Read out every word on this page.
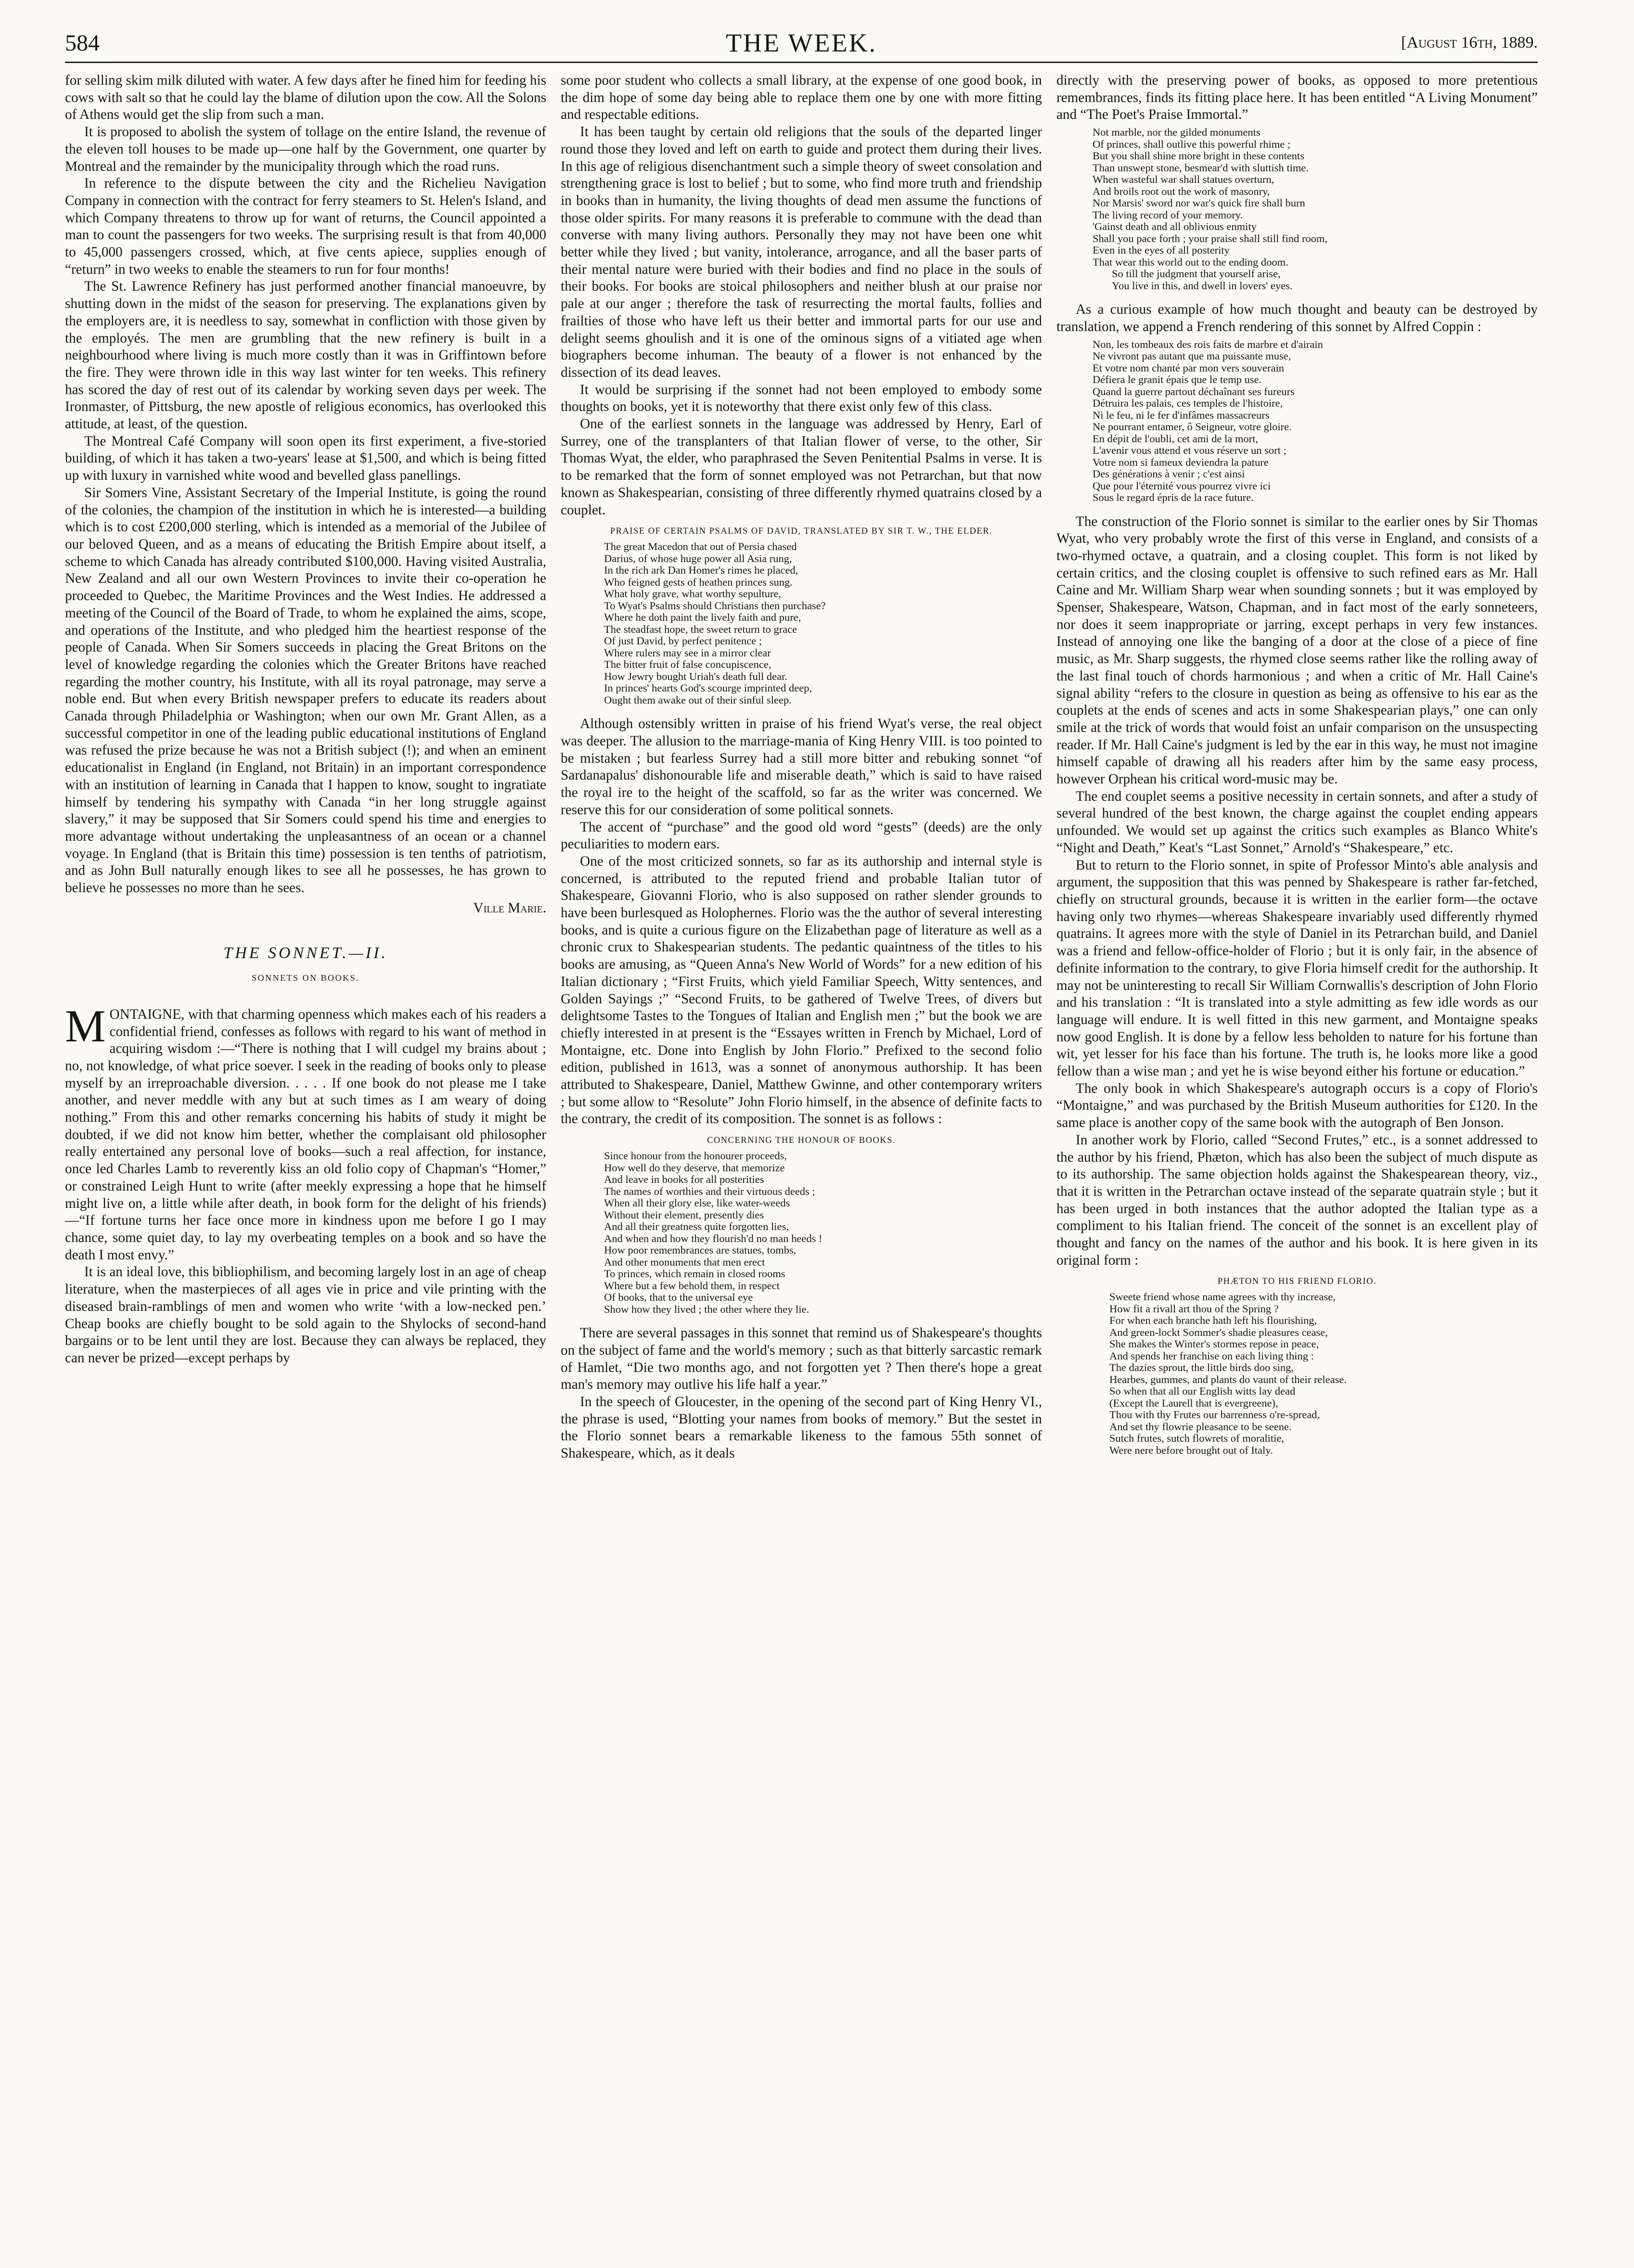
584	THE WEEK.	[August 16th, 1889.

for selling skim milk diluted with water. A few days after he fined him for feeding his cows with salt so that he could lay the blame of dilution upon the cow. All the Solons of Athens would get the slip from such a man.

It is proposed to abolish the system of tollage on the entire Island, the revenue of the eleven toll houses to be made up—one half by the Government, one quarter by Montreal and the remainder by the municipality through which the road runs.

In reference to the dispute between the city and the Richelieu Navigation Company in connection with the contract for ferry steamers to St. Helen's Island, and which Company threatens to throw up for want of returns, the Council appointed a man to count the passengers for two weeks. The surprising result is that from 40,000 to 45,000 passengers crossed, which, at five cents apiece, supplies enough of “return” in two weeks to enable the steamers to run for four months!

The St. Lawrence Refinery has just performed another financial manoeuvre, by shutting down in the midst of the season for preserving. The explanations given by the employers are, it is needless to say, somewhat in confliction with those given by the employés. The men are grumbling that the new refinery is built in a neighbourhood where living is much more costly than it was in Griffintown before the fire. They were thrown idle in this way last winter for ten weeks. This refinery has scored the day of rest out of its calendar by working seven days per week. The Ironmaster, of Pittsburg, the new apostle of religious economics, has overlooked this attitude, at least, of the question.

The Montreal Café Company will soon open its first experiment, a five-storied building, of which it has taken a two-years' lease at $1,500, and which is being fitted up with luxury in varnished white wood and bevelled glass panellings.

Sir Somers Vine, Assistant Secretary of the Imperial Institute, is going the round of the colonies, the champion of the institution in which he is interested—a building which is to cost £200,000 sterling, which is intended as a memorial of the Jubilee of our beloved Queen, and as a means of educating the British Empire about itself, a scheme to which Canada has already contributed $100,000. Having visited Australia, New Zealand and all our own Western Provinces to invite their co-operation he proceeded to Quebec, the Maritime Provinces and the West Indies. He addressed a meeting of the Council of the Board of Trade, to whom he explained the aims, scope, and operations of the Institute, and who pledged him the heartiest response of the people of Canada. When Sir Somers succeeds in placing the Great Britons on the level of knowledge regarding the colonies which the Greater Britons have reached regarding the mother country, his Institute, with all its royal patronage, may serve a noble end. But when every British newspaper prefers to educate its readers about Canada through Philadelphia or Washington; when our own Mr. Grant Allen, as a successful competitor in one of the leading public educational institutions of England was refused the prize because he was not a British subject (!); and when an eminent educationalist in England (in England, not Britain) in an important correspondence with an institution of learning in Canada that I happen to know, sought to ingratiate himself by tendering his sympathy with Canada “in her long struggle against slavery,” it may be supposed that Sir Somers could spend his time and energies to more advantage without undertaking the unpleasantness of an ocean or a channel voyage. In England (that is Britain this time) possession is ten tenths of patriotism, and as John Bull naturally enough likes to see all he possesses, he has grown to believe he possesses no more than he sees.

Ville Marie.

THE SONNET.—II.
SONNETS ON BOOKS.

MONTAIGNE, with that charming openness which makes each of his readers a confidential friend, confesses as follows with regard to his want of method in acquiring wisdom :—“There is nothing that I will cudgel my brains about ; no, not knowledge, of what price soever. I seek in the reading of books only to please myself by an irreproachable diversion. . . . . If one book do not please me I take another, and never meddle with any but at such times as I am weary of doing nothing.” From this and other remarks concerning his habits of study it might be doubted, if we did not know him better, whether the complaisant old philosopher really entertained any personal love of books—such a real affection, for instance, once led Charles Lamb to reverently kiss an old folio copy of Chapman's “Homer,” or constrained Leigh Hunt to write (after meekly expressing a hope that he himself might live on, a little while after death, in book form for the delight of his friends)—“If fortune turns her face once more in kindness upon me before I go I may chance, some quiet day, to lay my overbeating temples on a book and so have the death I most envy.”

It is an ideal love, this bibliophilism, and becoming largely lost in an age of cheap literature, when the masterpieces of all ages vie in price and vile printing with the diseased brain-ramblings of men and women who write ‘with a low-necked pen.’ Cheap books are chiefly bought to be sold again to the Shylocks of second-hand bargains or to be lent until they are lost. Because they can always be replaced, they can never be prized—except perhaps by

some poor student who collects a small library, at the expense of one good book, in the dim hope of some day being able to replace them one by one with more fitting and respectable editions.

It has been taught by certain old religions that the souls of the departed linger round those they loved and left on earth to guide and protect them during their lives. In this age of religious disenchantment such a simple theory of sweet consolation and strengthening grace is lost to belief ; but to some, who find more truth and friendship in books than in humanity, the living thoughts of dead men assume the functions of those older spirits. For many reasons it is preferable to commune with the dead than converse with many living authors. Personally they may not have been one whit better while they lived ; but vanity, intolerance, arrogance, and all the baser parts of their mental nature were buried with their bodies and find no place in the souls of their books. For books are stoical philosophers and neither blush at our praise nor pale at our anger ; therefore the task of resurrecting the mortal faults, follies and frailties of those who have left us their better and immortal parts for our use and delight seems ghoulish and it is one of the ominous signs of a vitiated age when biographers become inhuman. The beauty of a flower is not enhanced by the dissection of its dead leaves.

It would be surprising if the sonnet had not been employed to embody some thoughts on books, yet it is noteworthy that there exist only few of this class.

One of the earliest sonnets in the language was addressed by Henry, Earl of Surrey, one of the transplanters of that Italian flower of verse, to the other, Sir Thomas Wyat, the elder, who paraphrased the Seven Penitential Psalms in verse. It is to be remarked that the form of sonnet employed was not Petrarchan, but that now known as Shakespearian, consisting of three differently rhymed quatrains closed by a couplet.

PRAISE OF CERTAIN PSALMS OF DAVID, TRANSLATED BY SIR T. W., THE ELDER.
The great Macedon that out of Persia chased
Darius, of whose huge power all Asia rung,
In the rich ark Dan Homer's rimes he placed,
Who feigned gests of heathen princes sung.
What holy grave, what worthy sepulture,
To Wyat's Psalms should Christians then purchase?
Where he doth paint the lively faith and pure,
The steadfast hope, the sweet return to grace
Of just David, by perfect penitence ;
Where rulers may see in a mirror clear
The bitter fruit of false concupiscence,
How Jewry bought Uriah's death full dear.
In princes' hearts God's scourge imprinted deep,
Ought them awake out of their sinful sleep.

Although ostensibly written in praise of his friend Wyat's verse, the real object was deeper. The allusion to the marriage-mania of King Henry VIII. is too pointed to be mistaken ; but fearless Surrey had a still more bitter and rebuking sonnet “of Sardanapalus' dishonourable life and miserable death,” which is said to have raised the royal ire to the height of the scaffold, so far as the writer was concerned. We reserve this for our consideration of some political sonnets.

The accent of “purchase” and the good old word “gests” (deeds) are the only peculiarities to modern ears.

One of the most criticized sonnets, so far as its authorship and internal style is concerned, is attributed to the reputed friend and probable Italian tutor of Shakespeare, Giovanni Florio, who is also supposed on rather slender grounds to have been burlesqued as Holophernes. Florio was the the author of several interesting books, and is quite a curious figure on the Elizabethan page of literature as well as a chronic crux to Shakespearian students. The pedantic quaintness of the titles to his books are amusing, as “Queen Anna's New World of Words” for a new edition of his Italian dictionary ; “First Fruits, which yield Familiar Speech, Witty sentences, and Golden Sayings ;” “Second Fruits, to be gathered of Twelve Trees, of divers but delightsome Tastes to the Tongues of Italian and English men ;” but the book we are chiefly interested in at present is the “Essayes written in French by Michael, Lord of Montaigne, etc. Done into English by John Florio.” Prefixed to the second folio edition, published in 1613, was a sonnet of anonymous authorship. It has been attributed to Shakespeare, Daniel, Matthew Gwinne, and other contemporary writers ; but some allow to “Resolute” John Florio himself, in the absence of definite facts to the contrary, the credit of its composition. The sonnet is as follows :

CONCERNING THE HONOUR OF BOOKS.
Since honour from the honourer proceeds,
How well do they deserve, that memorize
And leave in books for all posterities
The names of worthies and their virtuous deeds ;
When all their glory else, like water-weeds
Without their element, presently dies
And all their greatness quite forgotten lies,
And when and how they flourish'd no man heeds !
How poor remembrances are statues, tombs,
And other monuments that men erect
To princes, which remain in closed rooms
Where but a few behold them, in respect
Of books, that to the universal eye
Show how they lived ; the other where they lie.

There are several passages in this sonnet that remind us of Shakespeare's thoughts on the subject of fame and the world's memory ; such as that bitterly sarcastic remark of Hamlet, “Die two months ago, and not forgotten yet ? Then there's hope a great man's memory may outlive his life half a year.”

In the speech of Gloucester, in the opening of the second part of King Henry VI., the phrase is used, “Blotting your names from books of memory.” But the sestet in the Florio sonnet bears a remarkable likeness to the famous 55th sonnet of Shakespeare, which, as it deals

directly with the preserving power of books, as opposed to more pretentious remembrances, finds its fitting place here. It has been entitled “A Living Monument” and “The Poet's Praise Immortal.”

Not marble, nor the gilded monuments
Of princes, shall outlive this powerful rhime ;
But you shall shine more bright in these contents
Than unswept stone, besmear'd with sluttish time.
When wasteful war shall statues overturn,
And broils root out the work of masonry,
Nor Marsis' sword nor war's quick fire shall burn
The living record of your memory.
'Gainst death and all oblivious enmity
Shall you pace forth ; your praise shall still find room,
Even in the eyes of all posterity
That wear this world out to the ending doom.
So till the judgment that yourself arise,
You live in this, and dwell in lovers' eyes.

As a curious example of how much thought and beauty can be destroyed by translation, we append a French rendering of this sonnet by Alfred Coppin :

Non, les tombeaux des rois faits de marbre et d'airain
Ne vivront pas autant que ma puissante muse,
Et votre nom chanté par mon vers souverain
Défiera le granit épais que le temp use.
Quand la guerre partout déchaînant ses fureurs
Détruira les palais, ces temples de l'histoire,
Ni le feu, ni le fer d'infâmes massacreurs
Ne pourrant entamer, ô Seigneur, votre gloire.
En dépit de l'oubli, cet ami de la mort,
L'avenir vous attend et vous réserve un sort ;
Votre nom si fameux deviendra la pature
Des générations à venir ; c'est ainsi
Que pour l'éternité vous pourrez vivre ici
Sous le regard épris de la race future.

The construction of the Florio sonnet is similar to the earlier ones by Sir Thomas Wyat, who very probably wrote the first of this verse in England, and consists of a two-rhymed octave, a quatrain, and a closing couplet. This form is not liked by certain critics, and the closing couplet is offensive to such refined ears as Mr. Hall Caine and Mr. William Sharp wear when sounding sonnets ; but it was employed by Spenser, Shakespeare, Watson, Chapman, and in fact most of the early sonneteers, nor does it seem inappropriate or jarring, except perhaps in very few instances. Instead of annoying one like the banging of a door at the close of a piece of fine music, as Mr. Sharp suggests, the rhymed close seems rather like the rolling away of the last final touch of chords harmonious ; and when a critic of Mr. Hall Caine's signal ability “refers to the closure in question as being as offensive to his ear as the couplets at the ends of scenes and acts in some Shakespearian plays,” one can only smile at the trick of words that would foist an unfair comparison on the unsuspecting reader. If Mr. Hall Caine's judgment is led by the ear in this way, he must not imagine himself capable of drawing all his readers after him by the same easy process, however Orphean his critical word-music may be.

The end couplet seems a positive necessity in certain sonnets, and after a study of several hundred of the best known, the charge against the couplet ending appears unfounded. We would set up against the critics such examples as Blanco White's “Night and Death,” Keat's “Last Sonnet,” Arnold's “Shakespeare,” etc.

But to return to the Florio sonnet, in spite of Professor Minto's able analysis and argument, the supposition that this was penned by Shakespeare is rather far-fetched, chiefly on structural grounds, because it is written in the earlier form—the octave having only two rhymes—whereas Shakespeare invariably used differently rhymed quatrains. It agrees more with the style of Daniel in its Petrarchan build, and Daniel was a friend and fellow-office-holder of Florio ; but it is only fair, in the absence of definite information to the contrary, to give Floria himself credit for the authorship. It may not be uninteresting to recall Sir William Cornwallis's description of John Florio and his translation : “It is translated into a style admitting as few idle words as our language will endure. It is well fitted in this new garment, and Montaigne speaks now good English. It is done by a fellow less beholden to nature for his fortune than wit, yet lesser for his face than his fortune. The truth is, he looks more like a good fellow than a wise man ; and yet he is wise beyond either his fortune or education.”

The only book in which Shakespeare's autograph occurs is a copy of Florio's “Montaigne,” and was purchased by the British Museum authorities for £120. In the same place is another copy of the same book with the autograph of Ben Jonson.

In another work by Florio, called “Second Frutes,” etc., is a sonnet addressed to the author by his friend, Phæton, which has also been the subject of much dispute as to its authorship. The same objection holds against the Shakespearean theory, viz., that it is written in the Petrarchan octave instead of the separate quatrain style ; but it has been urged in both instances that the author adopted the Italian type as a compliment to his Italian friend. The conceit of the sonnet is an excellent play of thought and fancy on the names of the author and his book. It is here given in its original form :

PHÆTON TO HIS FRIEND FLORIO.
Sweete friend whose name agrees with thy increase,
How fit a rivall art thou of the Spring ?
For when each branche hath left his flourishing,
And green-lockt Sommer's shadie pleasures cease,
She makes the Winter's stormes repose in peace,
And spends her franchise on each living thing :
The dazies sprout, the little birds doo sing,
Hearbes, gummes, and plants do vaunt of their release.
So when that all our English witts lay dead
(Except the Laurell that is evergreene),
Thou with thy Frutes our barrenness o're-spread,
And set thy flowrie pleasance to be seene.
Sutch frutes, sutch flowrets of moralitie,
Were nere before brought out of Italy.
